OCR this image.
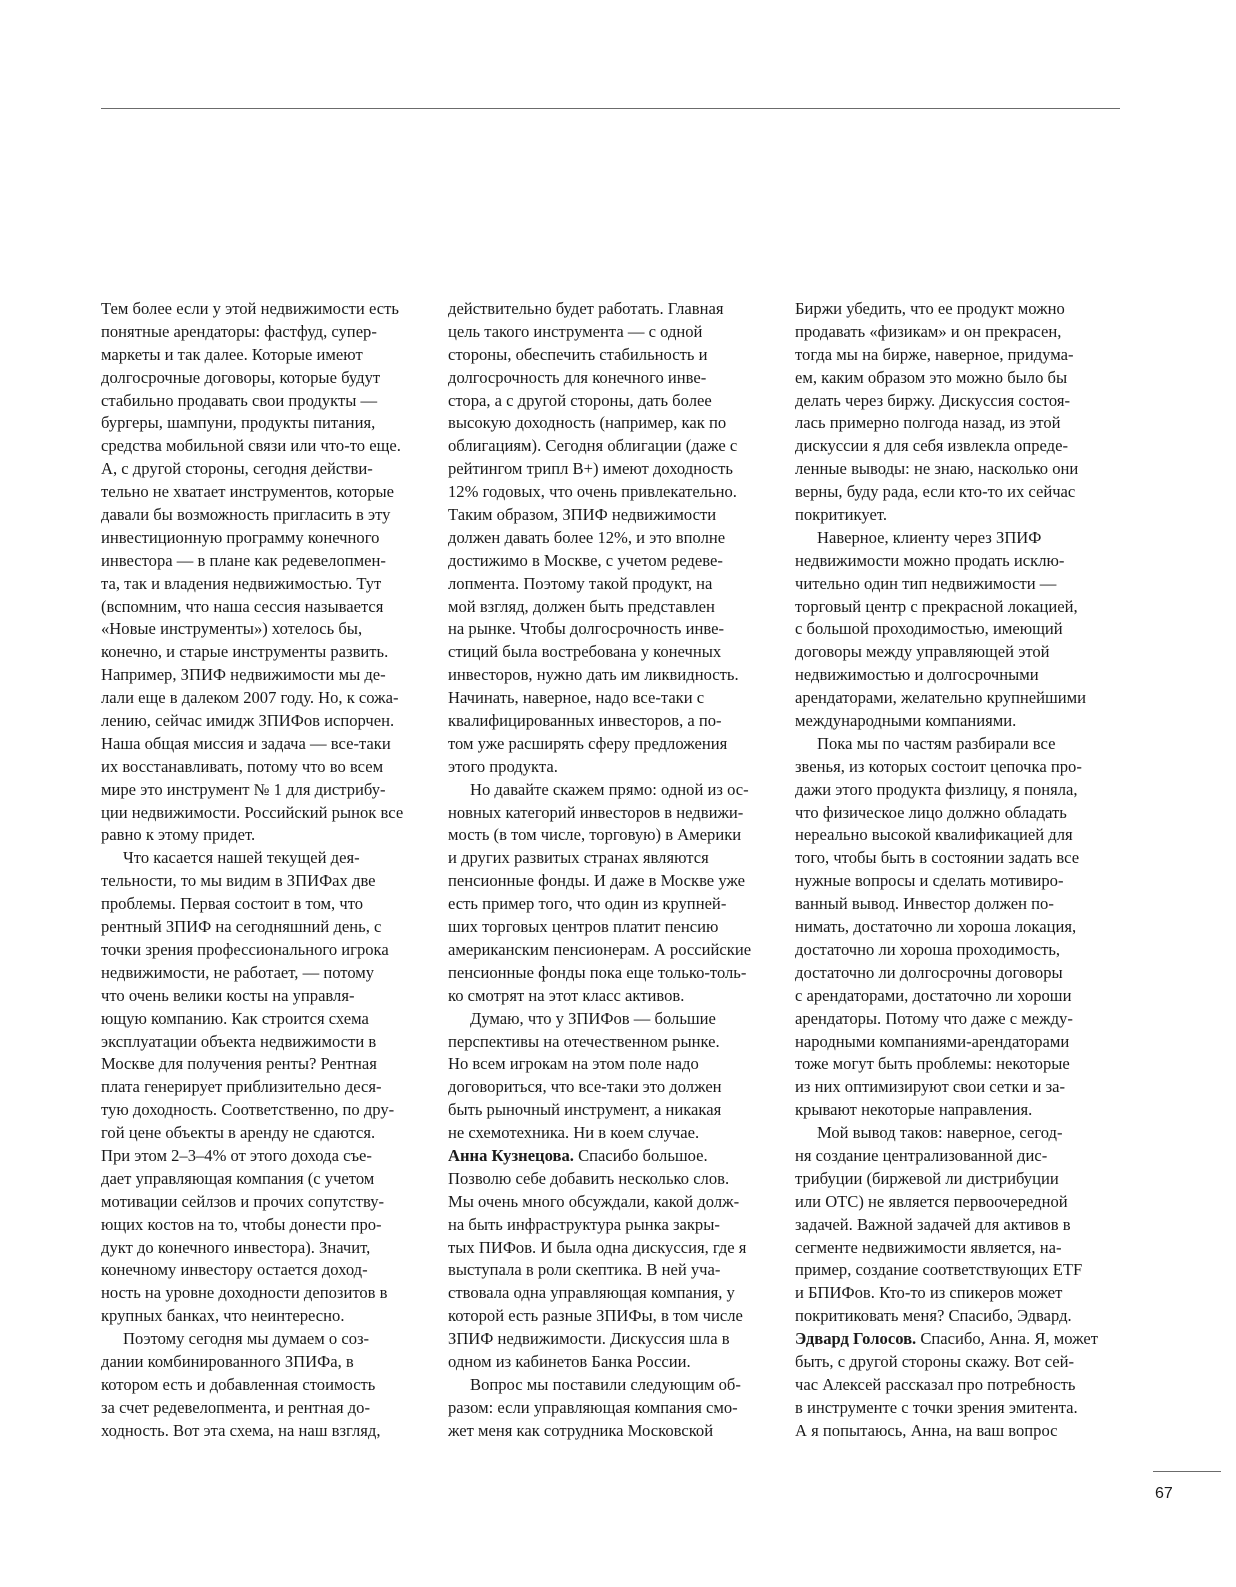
Тем более если у этой недвижимости есть
понятные арендаторы: фастфуд, супер-
маркеты и так далее. Которые имеют
долгосрочные договоры, которые будут
стабильно продавать свои продукты —
бургеры, шампуни, продукты питания,
средства мобильной связи или что-то еще.
А, с другой стороны, сегодня действи-
тельно не хватает инструментов, которые
давали бы возможность пригласить в эту
инвестиционную программу конечного
инвестора — в плане как редевелопмен-
та, так и владения недвижимостью. Тут
(вспомним, что наша сессия называется
«Новые инструменты») хотелось бы,
конечно, и старые инструменты развить.
Например, ЗПИФ недвижимости мы де-
лали еще в далеком 2007 году. Но, к сожа-
лению, сейчас имидж ЗПИФов испорчен.
Наша общая миссия и задача — все-таки
их восстанавливать, потому что во всем
мире это инструмент № 1 для дистрибу-
ции недвижимости. Российский рынок все
равно к этому придет.
Что касается нашей текущей дея-
тельности, то мы видим в ЗПИФах две
проблемы. Первая состоит в том, что
рентный ЗПИФ на сегодняшний день, с
точки зрения профессионального игрока
недвижимости, не работает, — потому
что очень велики косты на управля-
ющую компанию. Как строится схема
эксплуатации объекта недвижимости в
Москве для получения ренты? Рентная
плата генерирует приблизительно деся-
тую доходность. Соответственно, по дру-
гой цене объекты в аренду не сдаются.
При этом 2–3–4% от этого дохода съе-
дает управляющая компания (с учетом
мотивации сейлзов и прочих сопутству-
ющих костов на то, чтобы донести про-
дукт до конечного инвестора). Значит,
конечному инвестору остается доход-
ность на уровне доходности депозитов в
крупных банках, что неинтересно.
Поэтому сегодня мы думаем о соз-
дании комбинированного ЗПИФа, в
котором есть и добавленная стоимость
за счет редевелопмента, и рентная до-
ходность. Вот эта схема, на наш взгляд,
действительно будет работать. Главная
цель такого инструмента — с одной
стороны, обеспечить стабильность и
долгосрочность для конечного инве-
стора, а с другой стороны, дать более
высокую доходность (например, как по
облигациям). Сегодня облигации (даже с
рейтингом трипл B+) имеют доходность
12% годовых, что очень привлекательно.
Таким образом, ЗПИФ недвижимости
должен давать более 12%, и это вполне
достижимо в Москве, с учетом редеве-
лопмента. Поэтому такой продукт, на
мой взгляд, должен быть представлен
на рынке. Чтобы долгосрочность инве-
стиций была востребована у конечных
инвесторов, нужно дать им ликвидность.
Начинать, наверное, надо все-таки с
квалифицированных инвесторов, а по-
том уже расширять сферу предложения
этого продукта.
Но давайте скажем прямо: одной из ос-
новных категорий инвесторов в недвижи-
мость (в том числе, торговую) в Америки
и других развитых странах являются
пенсионные фонды. И даже в Москве уже
есть пример того, что один из крупней-
ших торговых центров платит пенсию
американским пенсионерам. А российские
пенсионные фонды пока еще только-толь-
ко смотрят на этот класс активов.
Думаю, что у ЗПИФов — большие
перспективы на отечественном рынке.
Но всем игрокам на этом поле надо
договориться, что все-таки это должен
быть рыночный инструмент, а никакая
не схемотехника. Ни в коем случае.
Анна Кузнецова. Спасибо большое.
Позволю себе добавить несколько слов.
Мы очень много обсуждали, какой долж-
на быть инфраструктура рынка закры-
тых ПИФов. И была одна дискуссия, где я
выступала в роли скептика. В ней уча-
ствовала одна управляющая компания, у
которой есть разные ЗПИФы, в том числе
ЗПИФ недвижимости. Дискуссия шла в
одном из кабинетов Банка России.
Вопрос мы поставили следующим об-
разом: если управляющая компания смо-
жет меня как сотрудника Московской
Биржи убедить, что ее продукт можно
продавать «физикам» и он прекрасен,
тогда мы на бирже, наверное, придума-
ем, каким образом это можно было бы
делать через биржу. Дискуссия состоя-
лась примерно полгода назад, из этой
дискуссии я для себя извлекла опреде-
ленные выводы: не знаю, насколько они
верны, буду рада, если кто-то их сейчас
покритикует.
Наверное, клиенту через ЗПИФ
недвижимости можно продать исклю-
чительно один тип недвижимости —
торговый центр с прекрасной локацией,
с большой проходимостью, имеющий
договоры между управляющей этой
недвижимостью и долгосрочными
арендаторами, желательно крупнейшими
международными компаниями.
Пока мы по частям разбирали все
звенья, из которых состоит цепочка про-
дажи этого продукта физлицу, я поняла,
что физическое лицо должно обладать
нереально высокой квалификацией для
того, чтобы быть в состоянии задать все
нужные вопросы и сделать мотивиро-
ванный вывод. Инвестор должен по-
нимать, достаточно ли хороша локация,
достаточно ли хороша проходимость,
достаточно ли долгосрочны договоры
с арендаторами, достаточно ли хороши
арендаторы. Потому что даже с между-
народными компаниями-арендаторами
тоже могут быть проблемы: некоторые
из них оптимизируют свои сетки и за-
крывают некоторые направления.
Мой вывод таков: наверное, сегод-
ня создание централизованной дис-
трибуции (биржевой ли дистрибуции
или OTC) не является первоочередной
задачей. Важной задачей для активов в
сегменте недвижимости является, на-
пример, создание соответствующих ETF
и БПИФов. Кто-то из спикеров может
покритиковать меня? Спасибо, Эдвард.
Эдвард Голосов. Спасибо, Анна. Я, может
быть, с другой стороны скажу. Вот сей-
час Алексей рассказал про потребность
в инструменте с точки зрения эмитента.
А я попытаюсь, Анна, на ваш вопрос
67
